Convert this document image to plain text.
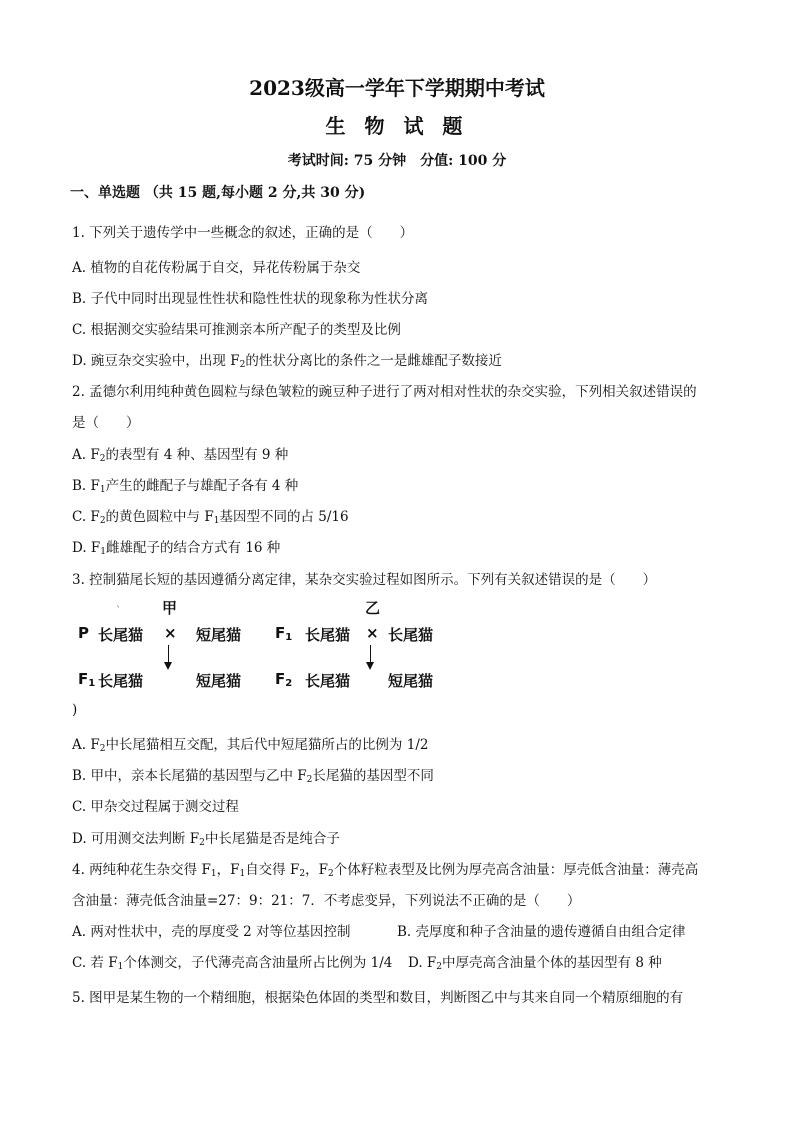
2023级高一学年下学期期中考试
生 物 试 题
考试时间: 75 分钟　分值: 100 分
一、单选题 （共 15 题,每小题 2 分,共 30 分)
1. 下列关于遗传学中一些概念的叙述，正确的是（　　）
A. 植物的自花传粉属于自交，异花传粉属于杂交
B. 子代中同时出现显性性状和隐性性状的现象称为性状分离
C. 根据测交实验结果可推测亲本所产配子的类型及比例
D. 豌豆杂交实验中，出现 $F_2$的性状分离比的条件之一是雌雄配子数接近
2. 孟德尔利用纯种黄色圆粒与绿色皱粒的豌豆种子进行了两对相对性状的杂交实验，下列相关叙述错误的
是（　　）
A. $F_2$的表型有 4 种、基因型有 9 种
B. $F_1$产生的雌配子与雄配子各有 4 种
C. $F_2$的黄色圆粒中与 $F_1$基因型不同的占 5/16
D. $F_1$雌雄配子的结合方式有 16 种
3. 控制猫尾长短的基因遵循分离定律，某杂交实验过程如图所示。下列有关叙述错误的是（　　）
ˋ	甲	乙
P 长尾猫 × 短尾猫 $F_1$ 长尾猫 × 长尾猫
$F_1$ 长尾猫	短尾猫 $F_2$ 长尾猫	短尾猫
)
A. $F_2$中长尾猫相互交配，其后代中短尾猫所占的比例为 1/2
B. 甲中，亲本长尾猫的基因型与乙中 $F_2$长尾猫的基因型不同
C. 甲杂交过程属于测交过程
D. 可用测交法判断 $F_2$中长尾猫是否是纯合子
4. 两纯种花生杂交得 $F_1$，$F_1$自交得 $F_2$，$F_2$个体籽粒表型及比例为厚壳高含油量：厚壳低含油量：薄壳高
含油量：薄壳低含油量=27：9：21：7．不考虑变异，下列说法不正确的是（　　）
A. 两对性状中，壳的厚度受 2 对等位基因控制	B. 壳厚度和种子含油量的遗传遵循自由组合定律
C. 若 $F_1$个体测交，子代薄壳高含油量所占比例为 1/4 D. $F_2$中厚壳高含油量个体的基因型有 8 种
5. 图甲是某生物的一个精细胞，根据染色体固的类型和数目，判断图乙中与其来自同一个精原细胞的有
